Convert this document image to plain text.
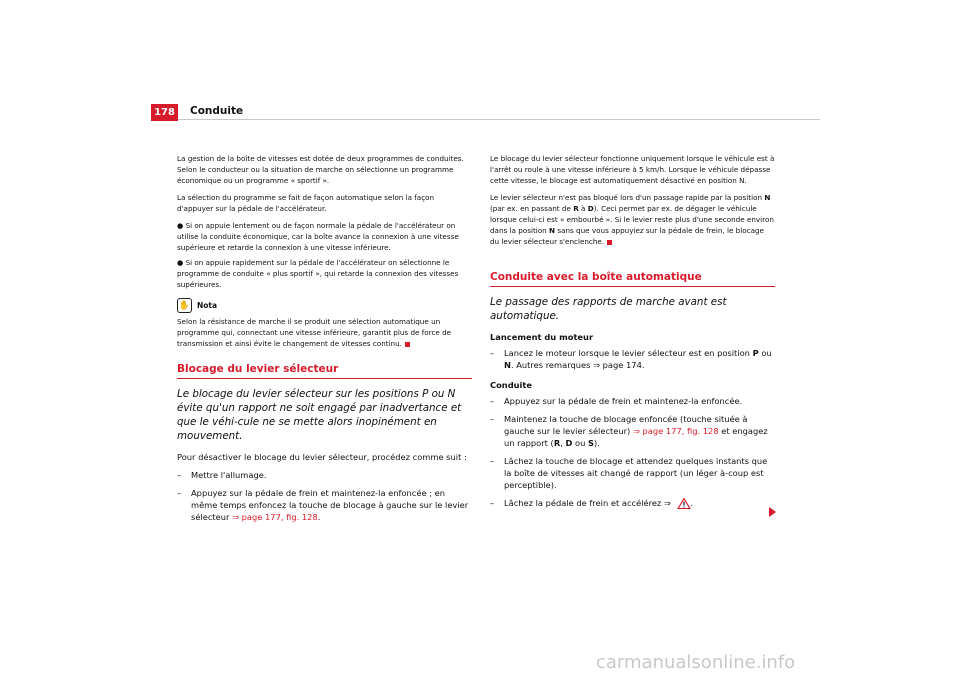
178 Conduite

La gestion de la boîte de vitesses est dotée de deux programmes de conduites. Selon le conducteur ou la situation de marche on sélectionne un programme économique ou un programme « sportif ».

La sélection du programme se fait de façon automatique selon la façon d'appuyer sur la pédale de l'accélérateur.

● Si on appuie lentement ou de façon normale la pédale de l'accélérateur on utilise la conduite économique, car la boîte avance la connexion à une vitesse supérieure et retarde la connexion à une vitesse inférieure.
● Si on appuie rapidement sur la pédale de l'accélérateur on sélectionne le programme de conduite « plus sportif », qui retarde la connexion des vitesses supérieures.
✋ Nota

Selon la résistance de marche il se produit une sélection automatique un programme qui, connectant une vitesse inférieure, garantit plus de force de transmission et ainsi évite le changement de vitesses continu.

Blocage du levier sélecteur
Le blocage du levier sélecteur sur les positions P ou N évite qu'un rapport ne soit engagé par inadvertance et que le véhi-cule ne se mette alors inopinément en mouvement.
Pour désactiver le blocage du levier sélecteur, procédez comme suit :
– Mettre l'allumage.
– Appuyez sur la pédale de frein et maintenez-la enfoncée ; en même temps enfoncez la touche de blocage à gauche sur le levier sélecteur ⇒ page 177, fig. 128.

Le blocage du levier sélecteur fonctionne uniquement lorsque le véhicule est à l'arrêt ou roule à une vitesse inférieure à 5 km/h. Lorsque le véhicule dépasse cette vitesse, le blocage est automatiquement désactivé en position N.

Le levier sélecteur n'est pas bloqué lors d'un passage rapide par la position N (par ex. en passant de R à D). Ceci permet par ex. de dégager le véhicule lorsque celui-ci est « embourbé ». Si le levier reste plus d'une seconde environ dans la position N sans que vous appuyiez sur la pédale de frein, le blocage du levier sélecteur s'enclenche.

Conduite avec la boîte automatique
Le passage des rapports de marche avant est automatique.
Lancement du moteur
– Lancez le moteur lorsque le levier sélecteur est en position P ou N. Autres remarques ⇒ page 174.
Conduite
– Appuyez sur la pédale de frein et maintenez-la enfoncée.
– Maintenez la touche de blocage enfoncée (touche située à gauche sur le levier sélecteur) ⇒ page 177, fig. 128 et engagez un rapport (R, D ou S).
– Lâchez la touche de blocage et attendez quelques instants que la boîte de vitesses ait changé de rapport (un léger à-coup est perceptible).
– Lâchez la pédale de frein et accélérez ⇒ .
carmanualsonline.info
